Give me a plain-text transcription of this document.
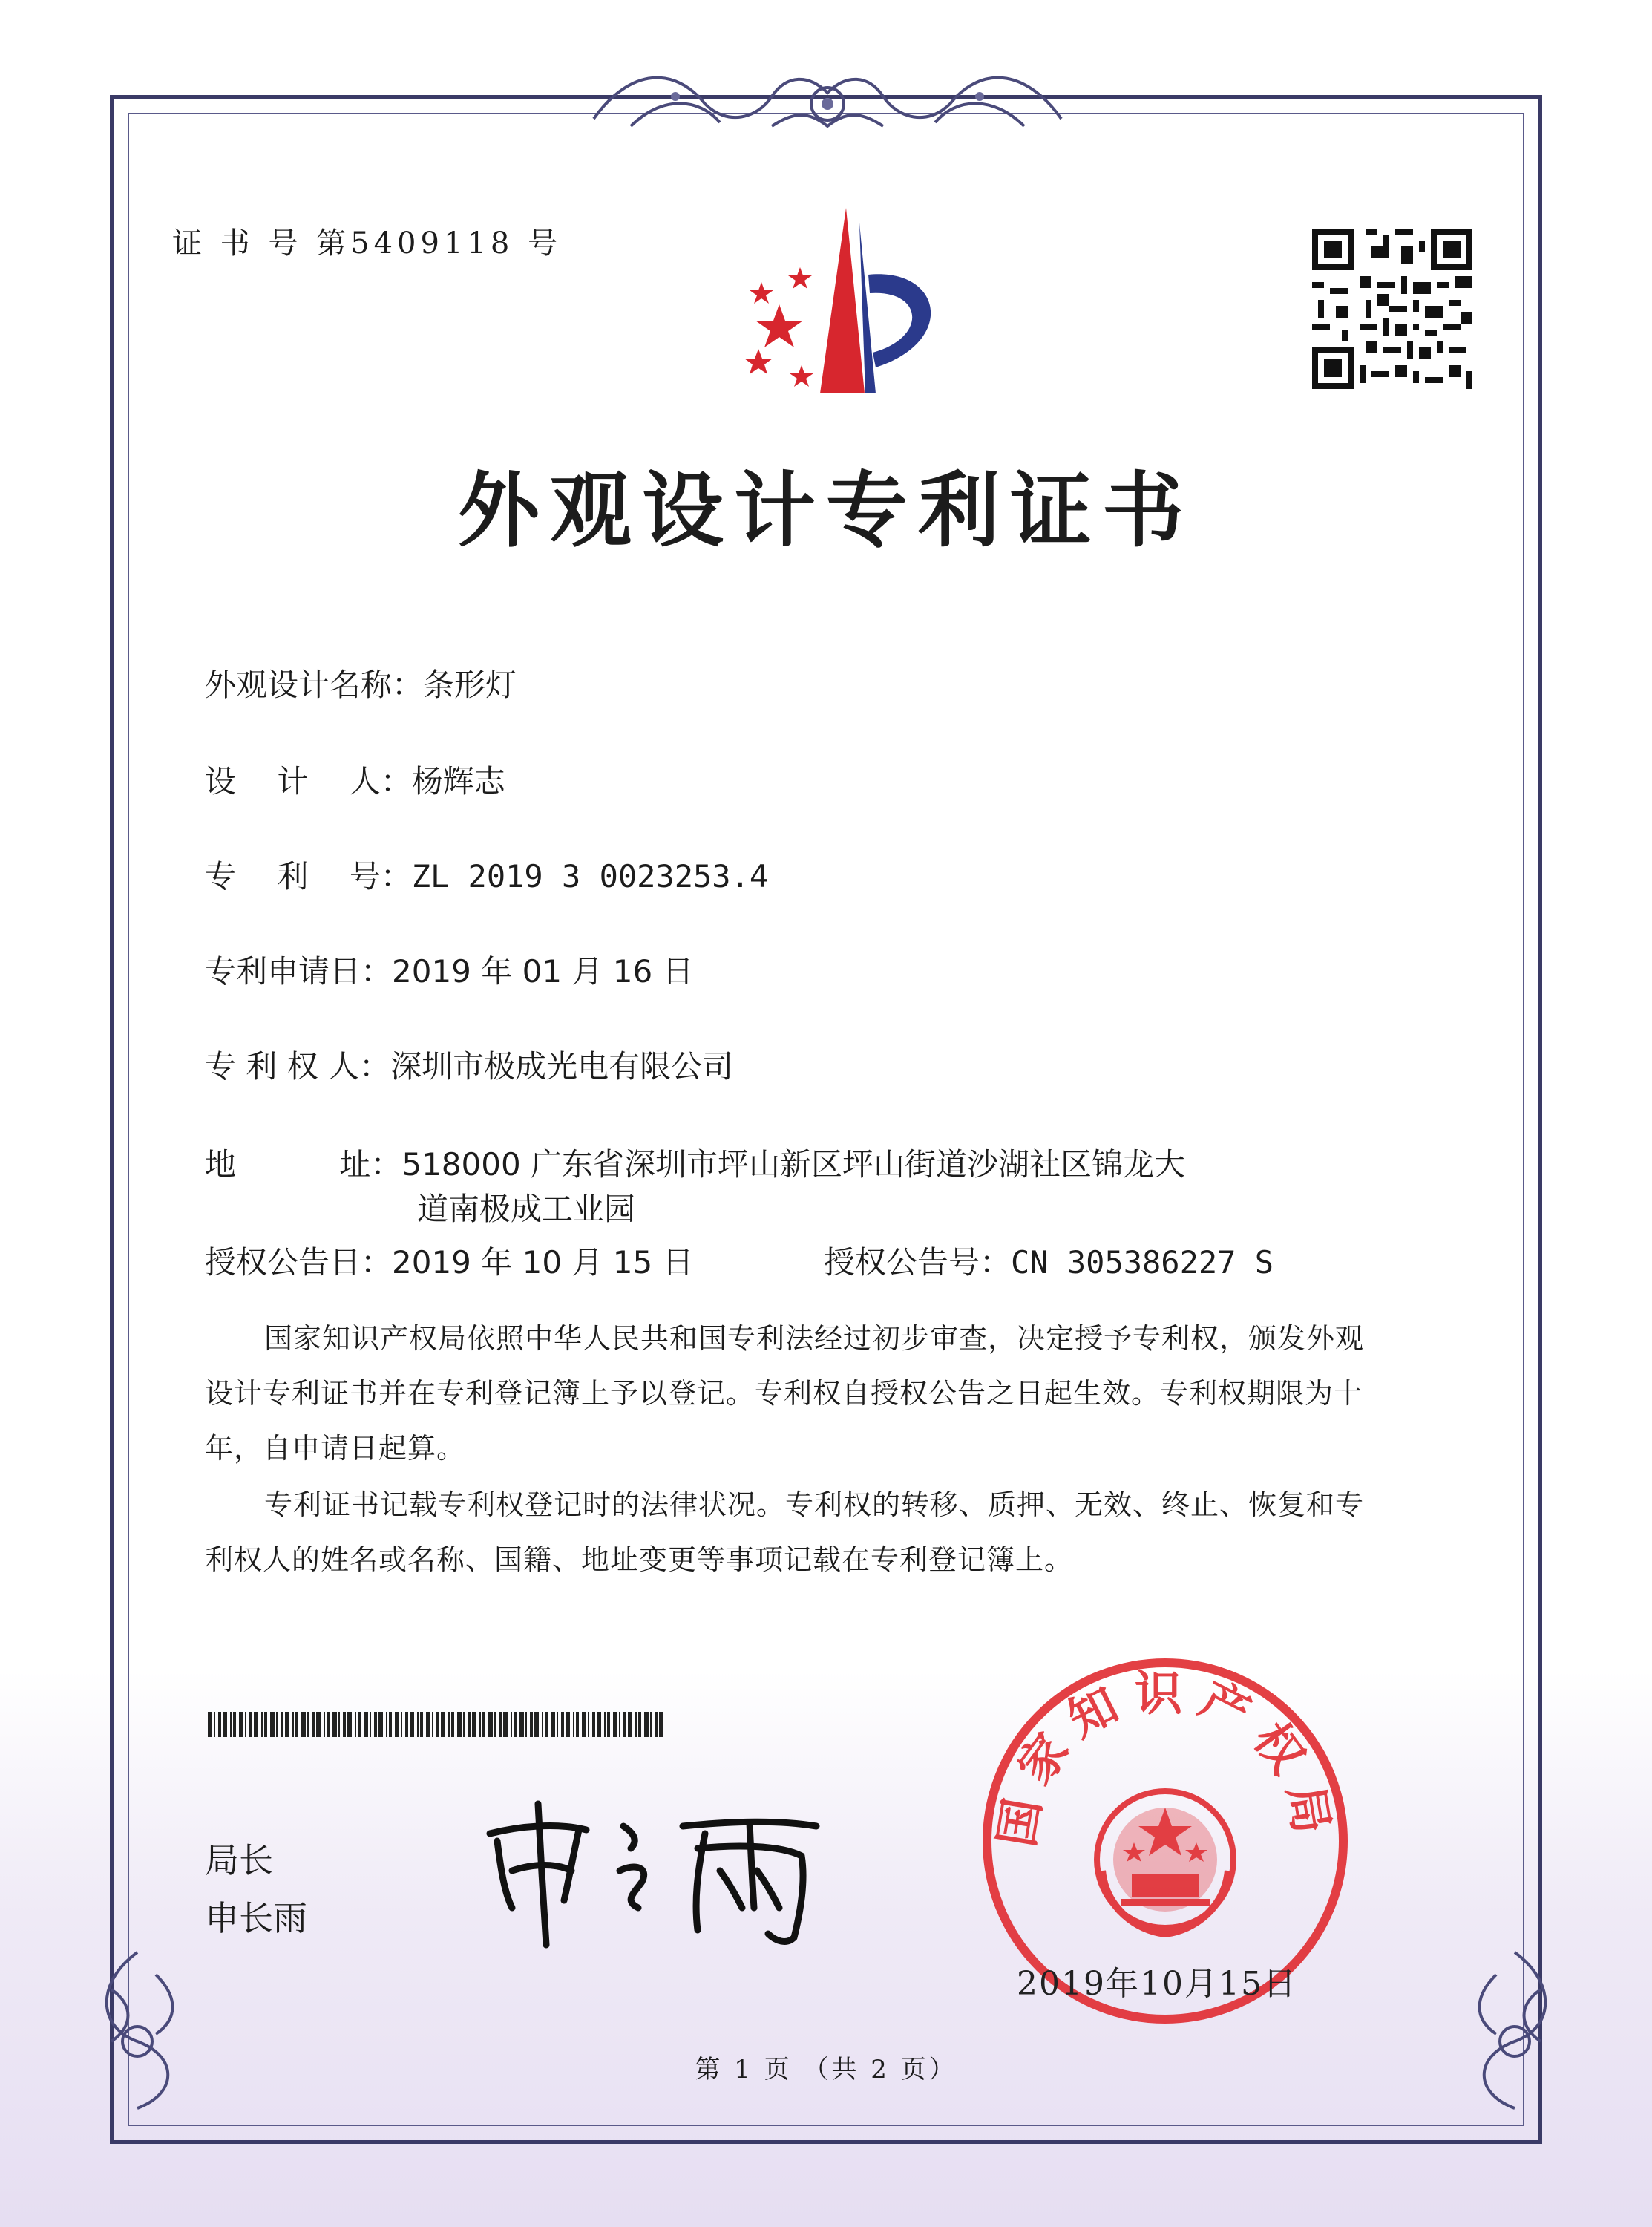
证 书 号 第5409118 号
外观设计专利证书
外观设计名称：条形灯
设　 计　 人：杨辉志
专　 利　 号：ZL 2019 3 0023253.4
专利申请日：2019 年 01 月 16 日
专 利 权 人：深圳市极成光电有限公司
地　　　 址：518000 广东省深圳市坪山新区坪山街道沙湖社区锦龙大
道南极成工业园
授权公告日：2019 年 10 月 15 日	授权公告号：CN 305386227 S
国家知识产权局依照中华人民共和国专利法经过初步审查，决定授予专利权，颁发外观
设计专利证书并在专利登记簿上予以登记。专利权自授权公告之日起生效。专利权期限为十
年，自申请日起算。
专利证书记载专利权登记时的法律状况。专利权的转移、质押、无效、终止、恢复和专
利权人的姓名或名称、国籍、地址变更等事项记载在专利登记簿上。
局长
申长雨
国家知识产权局
2019年10月15日
第 1 页 （共 2 页）
